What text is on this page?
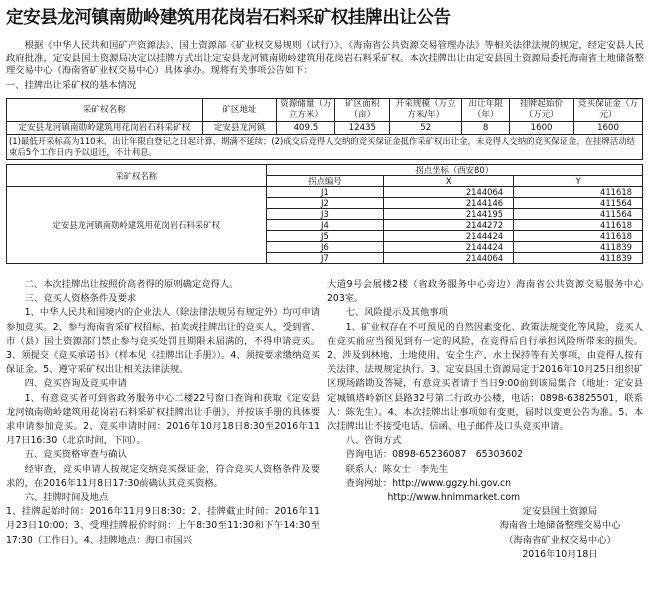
定安县龙河镇南勋岭建筑用花岗岩石料采矿权挂牌出让公告
根据《中华人民共和国矿产资源法》、国土资源部《矿业权交易规则（试行）》、《海南省公共资源交易管理办法》等相关法律法规的规定，经定安县人民政府批准，定安县国土资源局决定以挂牌方式出让定安县龙河镇南勋岭建筑用花岗岩石料采矿权。本次挂牌出让由定安县国土资源局委托海南省土地储备整理交易中心（海南省矿业权交易中心）具体承办。现将有关事项公告如下：
一、挂牌出让采矿权的基本情况
采矿权名称	矿区地址	资源储量（万立方米）	矿区面积（亩）	开采规模（万立方米/年）	出让年限（年）	挂牌起始价（万元）	竞买保证金（万元）
定安县龙河镇南勋岭建筑用花岗岩石料采矿权	定安县龙河镇	409.5	12435	52	8	1600	1600
(1)最低开采标高为110米，出让年限自登记之日起计算，期满不延续；(2)成交后竞得人交纳的竞买保证金抵作采矿权出让金，未竞得人交纳的竞买保证金，在挂牌活动结束后5个工作日内予以退还，不计利息。							
采矿权名称	拐点坐标（西安80）		
	拐点编号	X	Y
定安县龙河镇南勋岭建筑用花岗岩石料采矿权	J1	2144064	411618
	J2	2144146	411564
	J3	2144195	411564
	J4	2144272	411618
	J5	2144424	411618
	J6	2144424	411839
	J7	2144064	411839

二、本次挂牌出让按照价高者得的原则确定竞得人。

三、竞买人资格条件及要求

1、中华人民共和国境内的企业法人（除法律法规另有规定外）均可申请参加竞买。2、参与海南省采矿权招标、拍卖或挂牌出让的竞买人，受到省、市（县）国土资源部门禁止参与竞买处罚且期限未届满的，不得申请竞买。3、须提交《竞买承诺书》（样本见《挂牌出让手册》）。4、须按要求缴纳竞买保证金。5、遵守采矿权出让相关法律法规。

四、竞买咨询及竞买申请

1、有意竞买者可到省政务服务中心二楼22号窗口查询和获取《定安县龙河镇南勋岭建筑用花岗岩石料采矿权挂牌出让手册》，并按该手册的具体要求申请参加竞买。2、竞买申请时间：2016年10月18日8:30至2016年11月7日16:30（北京时间，下同）。

五、竞买资格审查与确认

经审查，竞买申请人按规定交纳竞买保证金，符合竞买人资格条件及要求的，在2016年11月8日17:30前确认其竞买资格。

六、挂牌时间及地点

1、挂牌起始时间：2016年11月9日8:30；2、挂牌截止时间：2016年11月23日10:00；3、受理挂牌报价时间：上午8:30至11:30和下午14:30至17:30（工作日）。4、挂牌地点：海口市国兴

大道9号会展楼2楼（省政务服务中心旁边）海南省公共资源交易服务中心203室。

七、风险提示及其他事项

1、矿业权存在不可预见的自然因素变化、政策法规变化等风险，竞买人在竞买前应当预见到有一定的风险，在竞得后自行承担风险所带来的损失。2、涉及到林地、土地使用、安全生产、水土保持等有关事项，由竞得人按有关法律、法规规定执行。3、定安县国土资源局定于2016年10月25日组织矿区现场踏勘及答疑，有意竞买者请于当日9:00前到该局集合（地址：定安县定城镇塔岭新区县路32号第二行政办公楼，电话：0898-63825501，联系人：陈先生）。4、本次挂牌出让事项如有变更，届时以变更公告为准。5、本次挂牌出让不接受电话、信函、电子邮件及口头竞买申请。

八、咨询方式

咨询电话：0898-65236087　65303602

联系人：陈女士　李先生

查询网址：http://www.ggzy.hi.gov.cn

http://www.hnlmmarket.com

定安县国土资源局

海南省土地储备整理交易中心

（海南省矿业权交易中心）

2016年10月18日
